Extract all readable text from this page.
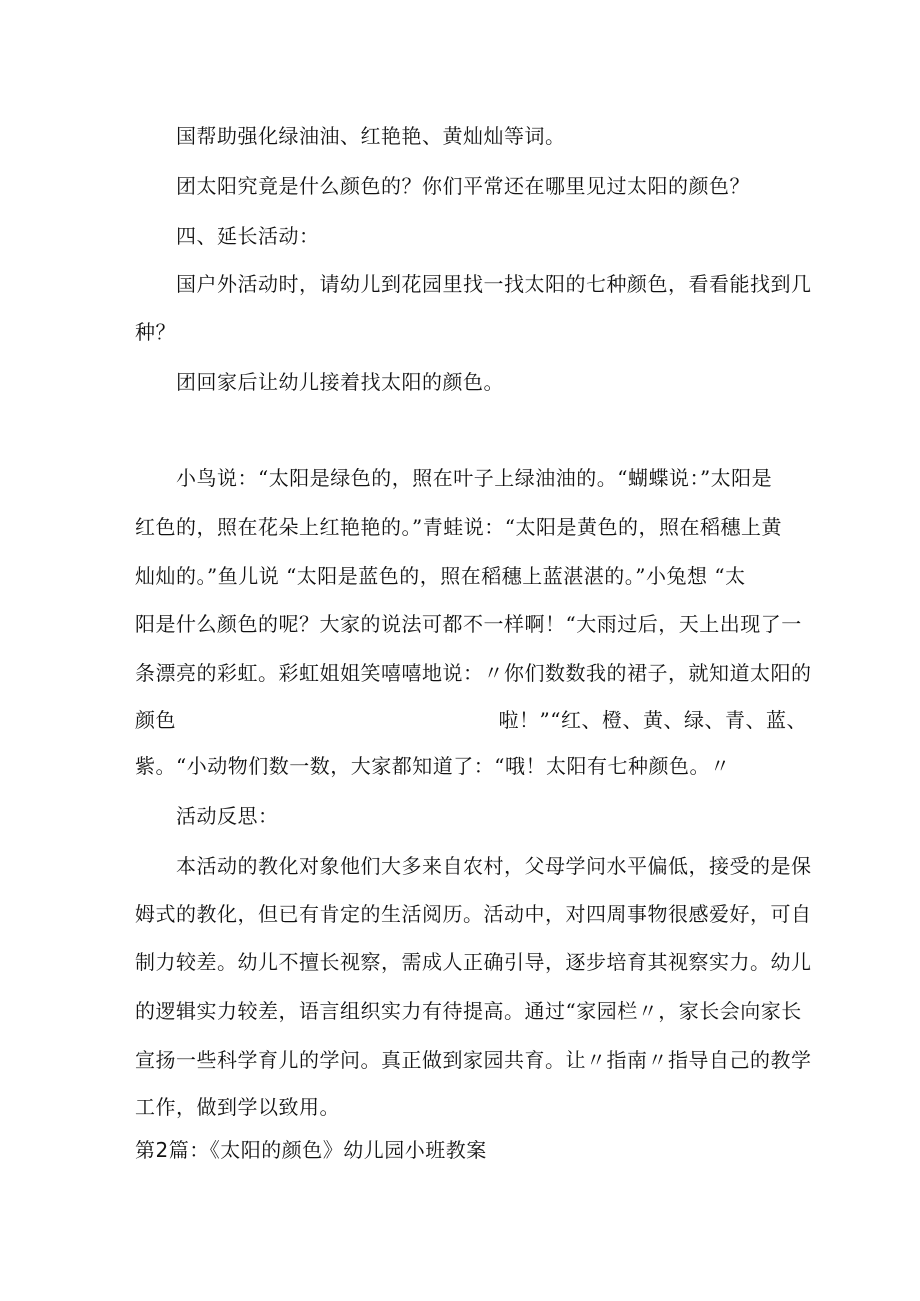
国帮助强化绿油油、红艳艳、黄灿灿等词。
团太阳究竟是什么颜色的？你们平常还在哪里见过太阳的颜色？
四、延长活动：
国户外活动时，请幼儿到花园里找一找太阳的七种颜色，看看能找到几
种？
团回家后让幼儿接着找太阳的颜色。
小鸟说：“太阳是绿色的，照在叶子上绿油油的。“蝴蝶说：”太阳是
红色的，照在花朵上红艳艳的。”青蛙说：“太阳是黄色的，照在稻穗上黄
灿灿的。”鱼儿说 “太阳是蓝色的，照在稻穗上蓝湛湛的。”小兔想 “太
阳是什么颜色的呢？大家的说法可都不一样啊！“大雨过后，天上出现了一
条漂亮的彩虹。彩虹姐姐笑嘻嘻地说：〃你们数数我的裙子，就知道太阳的
颜色	啦！”“红、橙、黄、绿、青、蓝、
紫。“小动物们数一数，大家都知道了：“哦！太阳有七种颜色。〃
活动反思：
本活动的教化对象他们大多来自农村，父母学问水平偏低，接受的是保
姆式的教化，但已有肯定的生活阅历。活动中，对四周事物很感爱好，可自
制力较差。幼儿不擅长视察，需成人正确引导，逐步培育其视察实力。幼儿
的逻辑实力较差，语言组织实力有待提高。通过“家园栏〃，家长会向家长
宣扬一些科学育儿的学问。真正做到家园共育。让〃指南〃指导自己的教学
工作，做到学以致用。
第2篇：《太阳的颜色》幼儿园小班教案
